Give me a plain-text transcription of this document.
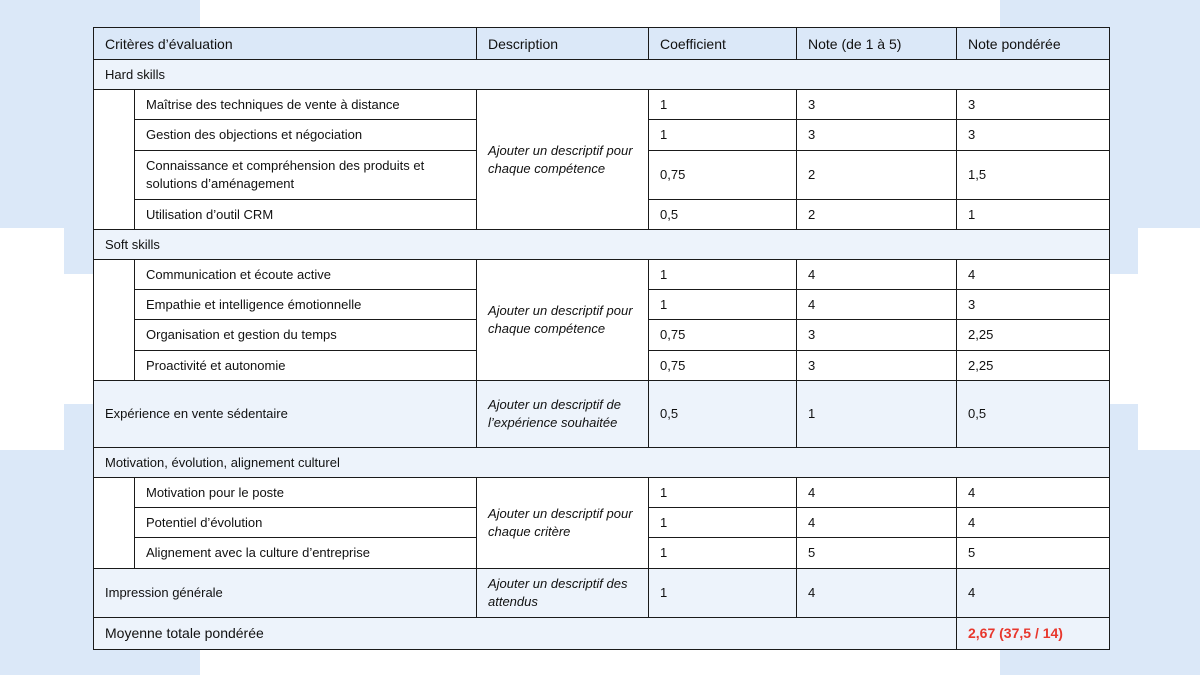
Critères d’évaluation		Description	Coefficient	Note (de 1 à 5)	Note pondérée
Hard skills					
	Maîtrise des techniques de vente à distance	Ajouter un descriptif pour chaque compétence	1	3	3
	Gestion des objections et négociation		1	3	3
	Connaissance et compréhension des produits et solutions d’aménagement		0,75	2	1,5
	Utilisation d’outil CRM		0,5	2	1
Soft skills					
	Communication et écoute active	Ajouter un descriptif pour chaque compétence	1	4	4
	Empathie et intelligence émotionnelle		1	4	3
	Organisation et gestion du temps		0,75	3	2,25
	Proactivité et autonomie		0,75	3	2,25
Expérience en vente sédentaire		Ajouter un descriptif de l’expérience souhaitée	0,5	1	0,5
Motivation, évolution, alignement culturel					
	Motivation pour le poste	Ajouter un descriptif pour chaque critère	1	4	4
	Potentiel d’évolution		1	4	4
	Alignement avec la culture d’entreprise		1	5	5
Impression générale		Ajouter un descriptif des attendus	1	4	4
Moyenne totale pondérée					2,67 (37,5 / 14)
